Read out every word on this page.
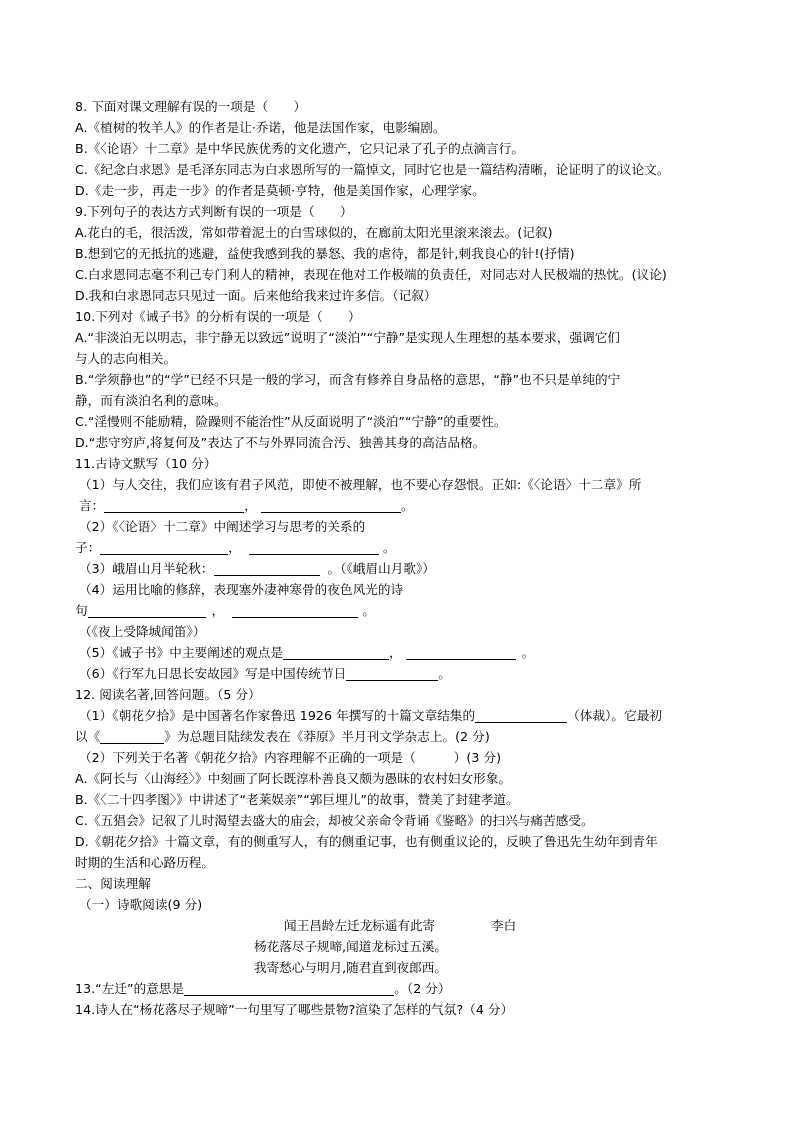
8. 下面对课文理解有误的一项是（　　）
A.《植树的牧羊人》的作者是让·乔诺，他是法国作家，电影编剧。
B.《〈论语〉十二章》是中华民族优秀的文化遗产，它只记录了孔子的点滴言行。
C.《纪念白求恩》是毛泽东同志为白求恩所写的一篇悼文，同时它也是一篇结构清晰，论证明了的议论文。
D.《走一步，再走一步》的作者是莫顿·亨特，他是美国作家，心理学家。
9.下列句子的表达方式判断有误的一项是（　　）
A.花白的毛，很活泼，常如带着泥土的白雪球似的，在廊前太阳光里滚来滚去。(记叙)
B.想到它的无抵抗的逃避，益使我感到我的暴怒、我的虐待，都是针,刺我良心的针!(抒情)
C.白求恩同志毫不利己专门利人的精神，表现在他对工作极端的负责任，对同志对人民极端的热忱。(议论)
D.我和白求恩同志只见过一面。后来他给我来过许多信。（记叙）
10.下列对《诫子书》的分析有误的一项是（　　）
A.“非淡泊无以明志，非宁静无以致远”说明了“淡泊”“宁静”是实现人生理想的基本要求，强调它们
与人的志向相关。
B.“学须静也”的“学”已经不只是一般的学习，而含有修养自身品格的意思，“静”也不只是单纯的宁
静，而有淡泊名利的意味。
C.“淫慢则不能励精，险躁则不能治性”从反面说明了“淡泊”“宁静”的重要性。
D.“悲守穷庐,将复何及”表达了不与外界同流合汚、独善其身的高洁品格。
11.古诗文默写（10 分）
（1）与人交往，我们应该有君子风范，即使不被理解，也不要心存怨恨。正如:《〈论语〉十二章》所
言：	，	。
（2）《〈论语〉十二章》中阐述学习与思考的关系的
子：	，	。
（3）峨眉山月半轮秋：	。（《峨眉山月歌》）
（4）运用比喻的修辞，表现塞外凄神寒骨的夜色风光的诗
句	，	。
（《夜上受降城闻笛》）
（5）《诫子书》中主要阐述的观点是	，	。
（6）《行军九日思长安故园》写是中国传统节日	。
12. 阅读名著,回答问题。（5 分）
（1）《朝花夕拾》是中国著名作家鲁迅 1926 年撰写的十篇文章结集的	（体裁）。它最初
以《	》为总题目陆续发表在《莽原》半月刊文学杂志上。(2 分)
（2）下列关于名著《朝花夕拾》内容理解不正确的一项是（　　　）(3 分)
A.《阿长与〈山海经〉》中刻画了阿长既淳朴善良又颇为愚昧的农村妇女形象。
B.《〈二十四孝图〉》中讲述了“老莱娱亲”“郭巨埋儿”的故事，赞美了封建孝道。
C.《五猖会》记叙了儿时渴望去盛大的庙会，却被父亲命令背诵《鉴略》的扫兴与痛苦感受。
D.《朝花夕拾》十篇文章，有的侧重写人，有的侧重记事，也有侧重议论的，反映了鲁迅先生幼年到青年
时期的生活和心路历程。
二、阅读理解
（一）诗歌阅读(9 分)
闻王昌龄左迁龙标遥有此寄	李白
杨花落尽子规啼,闻道龙标过五溪。
我寄愁心与明月,随君直到夜郎西。
13.“左迁”的意思是	。（2 分）
14.诗人在“杨花落尽子规啼”一句里写了哪些景物?渲染了怎样的气氛?（4 分）
